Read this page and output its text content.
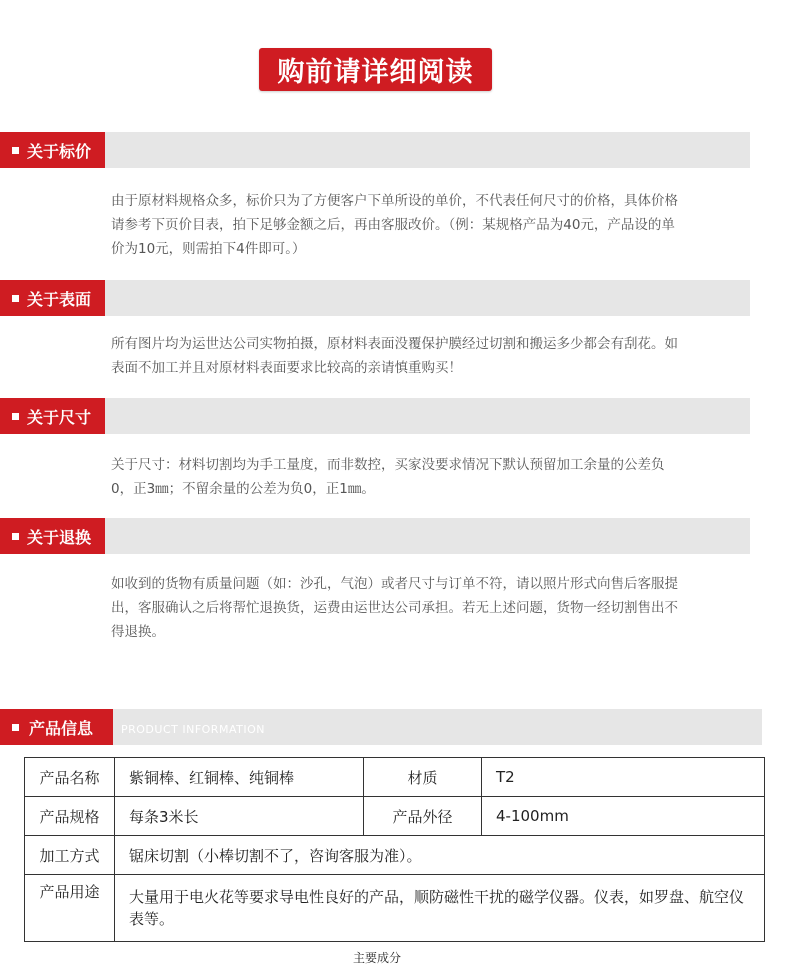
购前请详细阅读
关于标价
由于原材料规格众多，标价只为了方便客户下单所设的单价，不代表任何尺寸的价格，具体价格请参考下页价目表，拍下足够金额之后，再由客服改价。（例：某规格产品为40元，产品设的单价为10元，则需拍下4件即可。）
关于表面
所有图片均为运世达公司实物拍摄，原材料表面没覆保护膜经过切割和搬运多少都会有刮花。如表面不加工并且对原材料表面要求比较高的亲请慎重购买！
关于尺寸
关于尺寸：材料切割均为手工量度，而非数控，买家没要求情况下默认预留加工余量的公差负0，正3㎜；不留余量的公差为负0，正1㎜。
关于退换
如收到的货物有质量问题（如：沙孔，气泡）或者尺寸与订单不符，请以照片形式向售后客服提出，客服确认之后将帮忙退换货，运费由运世达公司承担。若无上述问题，货物一经切割售出不得退换。
产品信息	PRODUCT INFORMATION
产品名称	紫铜棒、红铜棒、纯铜棒	材质	T2
产品规格	每条3米长	产品外径	4-100mm
加工方式	锯床切割（小棒切割不了，咨询客服为准）。		
产品用途	大量用于电火花等要求导电性良好的产品，顺防磁性干扰的磁学仪器。仪表，如罗盘、航空仪表等。		
主要成分
